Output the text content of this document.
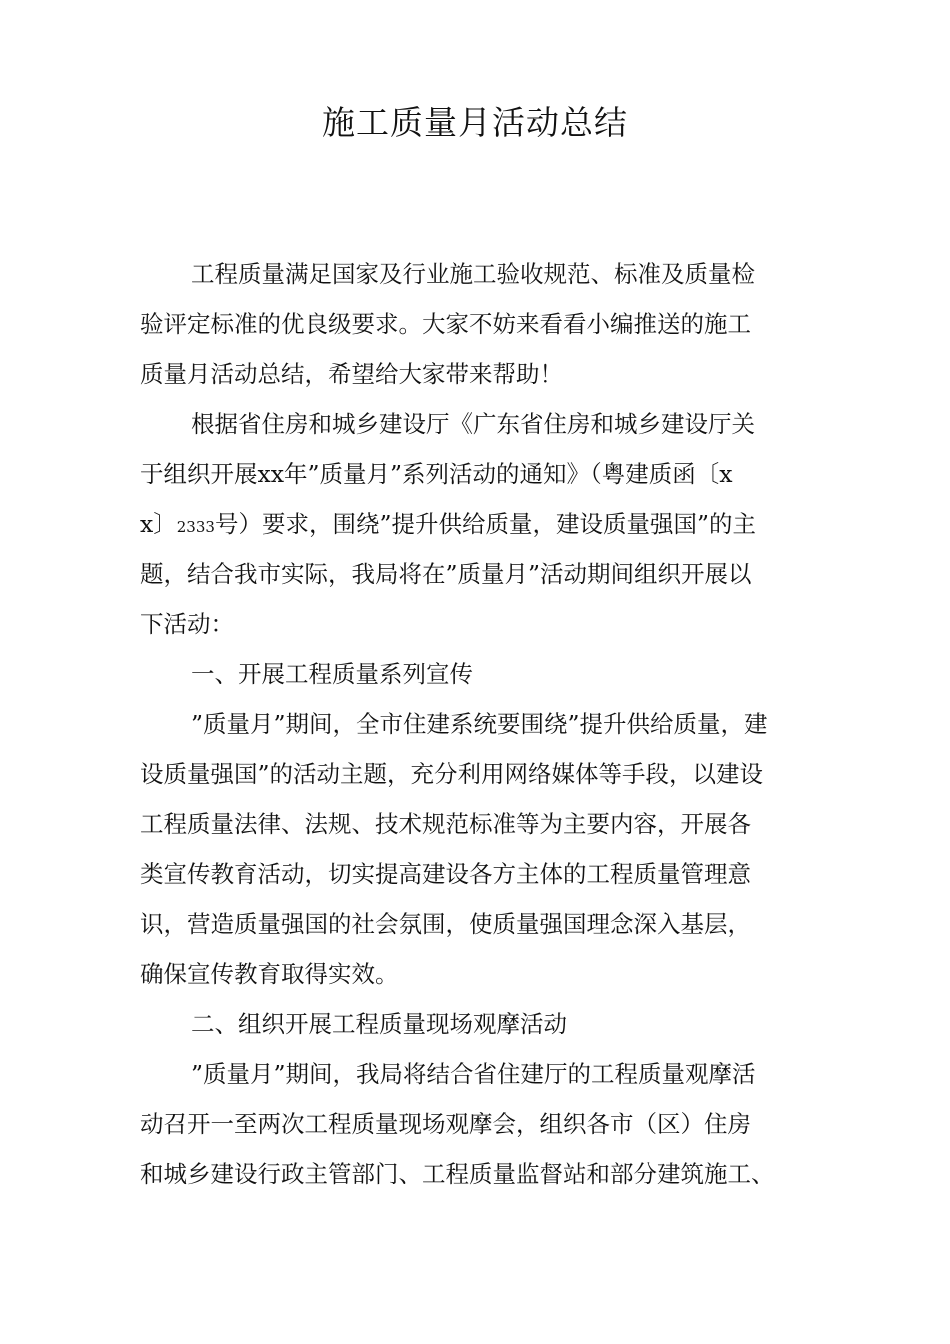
施工质量月活动总结
工程质量满足国家及行业施工验收规范、标准及质量检
验评定标准的优良级要求。大家不妨来看看小编推送的施工
质量月活动总结，希望给大家带来帮助！
根据省住房和城乡建设厅《广东省住房和城乡建设厅关
于组织开展xx年”质量月”系列活动的通知》（粤建质函〔x
x〕2333号）要求，围绕”提升供给质量，建设质量强国”的主
题，结合我市实际，我局将在”质量月”活动期间组织开展以
下活动：
一、开展工程质量系列宣传
”质量月”期间，全市住建系统要围绕”提升供给质量，建
设质量强国”的活动主题，充分利用网络媒体等手段，以建设
工程质量法律、法规、技术规范标准等为主要内容，开展各
类宣传教育活动，切实提高建设各方主体的工程质量管理意
识，营造质量强国的社会氛围，使质量强国理念深入基层，
确保宣传教育取得实效。
二、组织开展工程质量现场观摩活动
”质量月”期间，我局将结合省住建厅的工程质量观摩活
动召开一至两次工程质量现场观摩会，组织各市（区）住房
和城乡建设行政主管部门、工程质量监督站和部分建筑施工、
